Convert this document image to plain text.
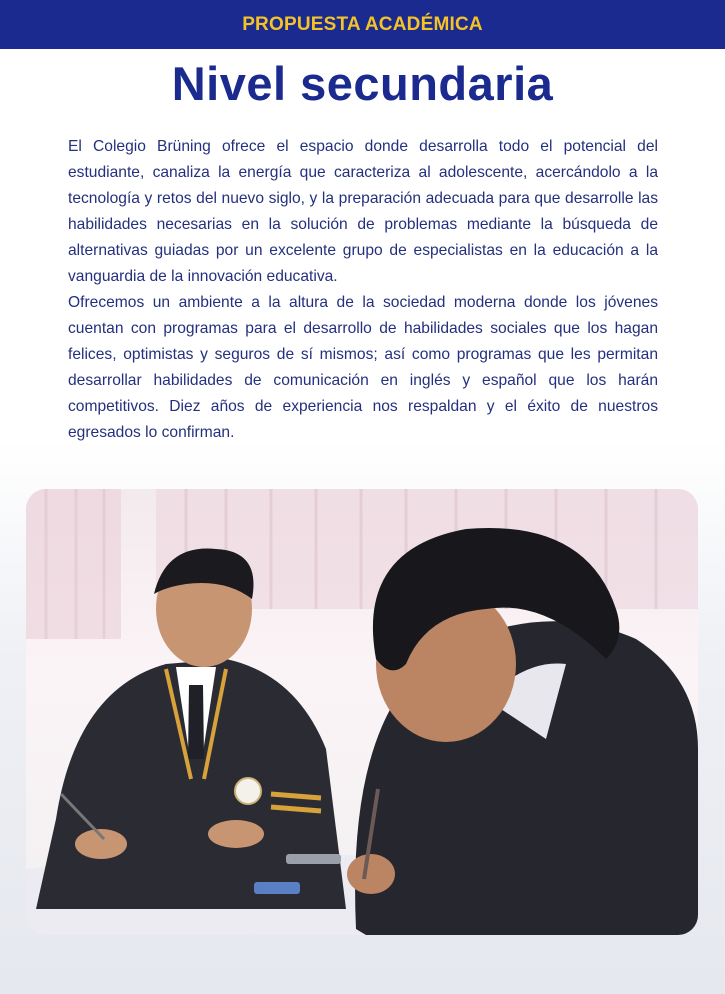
PROPUESTA ACADÉMICA
Nivel secundaria

El Colegio Brüning ofrece el espacio donde desarrolla todo el potencial del estudiante, canaliza la energía que caracteriza al adolescente, acercándolo a la tecnología y retos del nuevo siglo, y la preparación adecuada para que desarrolle las habilidades necesarias en la solución de problemas mediante la búsqueda de alternativas guiadas por un excelente grupo de especialistas en la educación a la vanguardia de la innovación educativa.

Ofrecemos un ambiente a la altura de la sociedad moderna donde los jóvenes cuentan con programas para el desarrollo de habilidades sociales que los hagan felices, optimistas y seguros de sí mismos; así como programas que les permitan desarrollar habilidades de comunicación en inglés y español que los harán competitivos. Diez años de experiencia nos respaldan y el éxito de nuestros egresados lo confirman.
